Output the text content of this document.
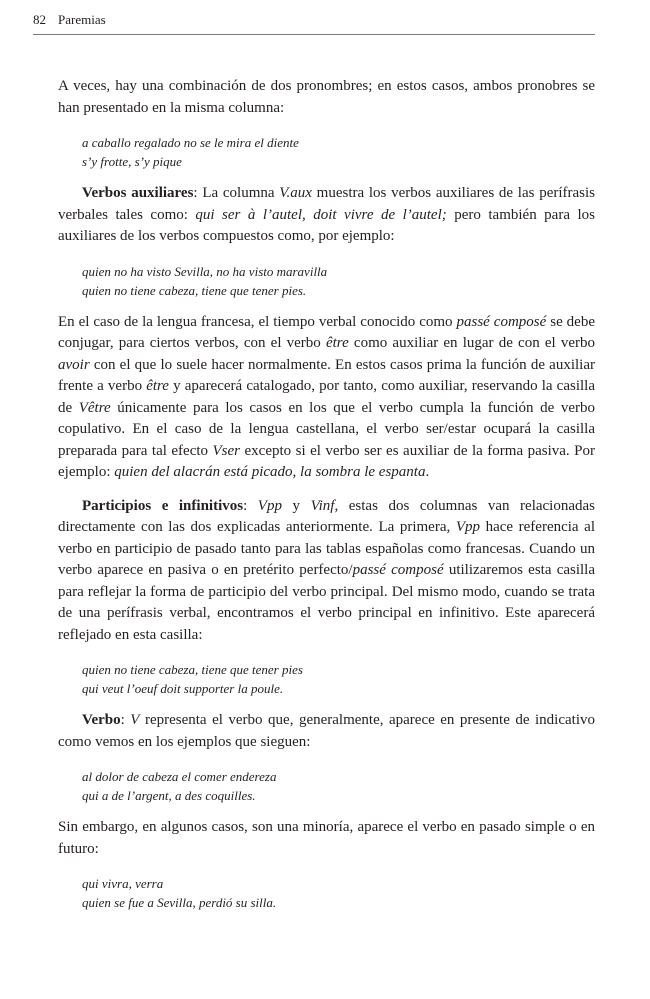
82 Paremias

A veces, hay una combinación de dos pronombres; en estos casos, ambos pronobres se han presentado en la misma columna:

a caballo regalado no se le mira el diente
s’y frotte, s’y pique

Verbos auxiliares: La columna V.aux muestra los verbos auxiliares de las perífrasis verbales tales como: qui ser à l’autel, doit vivre de l’autel; pero también para los auxiliares de los verbos compuestos como, por ejemplo:

quien no ha visto Sevilla, no ha visto maravilla
quien no tiene cabeza, tiene que tener pies.

En el caso de la lengua francesa, el tiempo verbal conocido como passé composé se debe conjugar, para ciertos verbos, con el verbo être como auxiliar en lugar de con el verbo avoir con el que lo suele hacer normalmente. En estos casos prima la función de auxiliar frente a verbo être y aparecerá catalogado, por tanto, como auxiliar, reservando la casilla de Vêtre únicamente para los casos en los que el verbo cumpla la función de verbo copulativo. En el caso de la lengua castellana, el verbo ser/estar ocupará la casilla preparada para tal efecto Vser excepto si el verbo ser es auxiliar de la forma pasiva. Por ejemplo: quien del alacrán está picado, la sombra le espanta.

Participios e infinitivos: Vpp y Vinf, estas dos columnas van relacionadas directamente con las dos explicadas anteriormente. La primera, Vpp hace referencia al verbo en participio de pasado tanto para las tablas españolas como francesas. Cuando un verbo aparece en pasiva o en pretérito perfecto/passé composé utilizaremos esta casilla para reflejar la forma de participio del verbo principal. Del mismo modo, cuando se trata de una perífrasis verbal, encontramos el verbo principal en infinitivo. Este aparecerá reflejado en esta casilla:

quien no tiene cabeza, tiene que tener pies
qui veut l’oeuf doit supporter la poule.

Verbo: V representa el verbo que, generalmente, aparece en presente de indicativo como vemos en los ejemplos que sieguen:

al dolor de cabeza el comer endereza
qui a de l’argent, a des coquilles.

Sin embargo, en algunos casos, son una minoría, aparece el verbo en pasado simple o en futuro:

qui vivra, verra
quien se fue a Sevilla, perdió su silla.
